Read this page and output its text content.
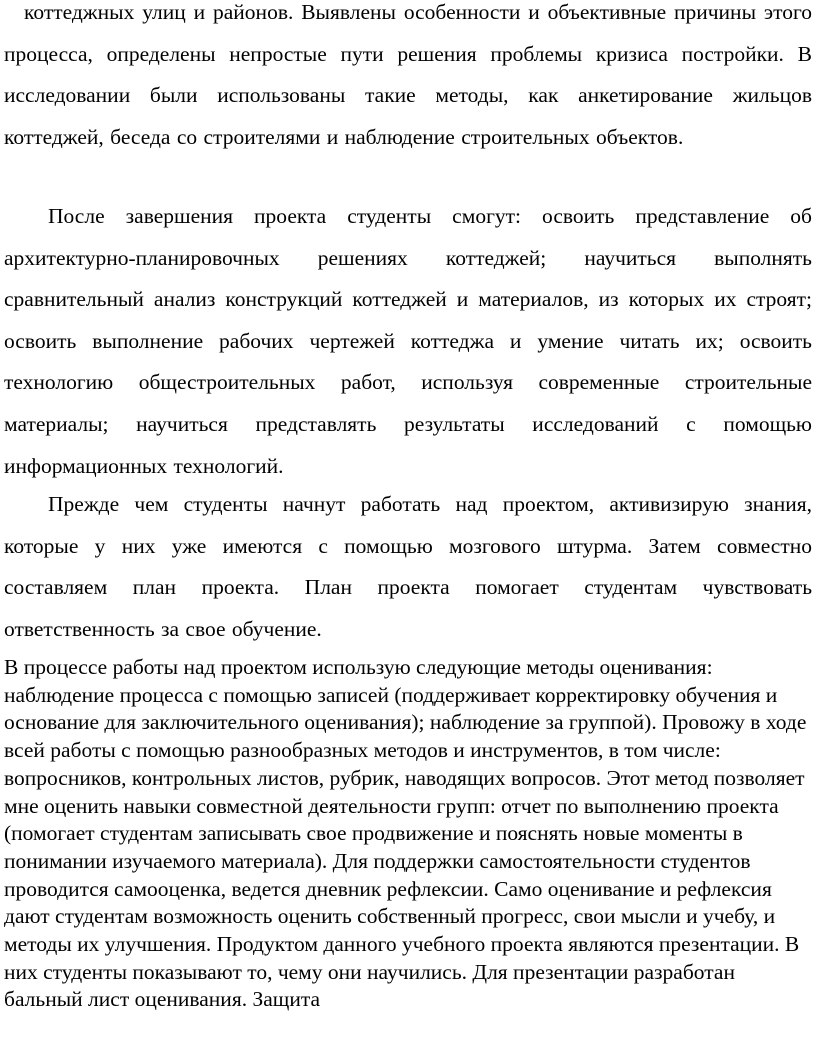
коттеджных улиц и районов. Выявлены особенности и объективные причины этого процесса, определены непростые пути решения проблемы кризиса постройки. В исследовании были использованы такие методы, как анкетирование жильцов коттеджей, беседа со строителями и наблюдение строительных объектов.

После завершения проекта студенты смогут: освоить представление об архитектурно-планировочных решениях коттеджей; научиться выполнять сравнительный анализ конструкций коттеджей и материалов, из которых их строят; освоить выполнение рабочих чертежей коттеджа и умение читать их; освоить технологию общестроительных работ, используя современные строительные материалы; научиться представлять результаты исследований с помощью информационных технологий.

Прежде чем студенты начнут работать над проектом, активизирую знания, которые у них уже имеются с помощью мозгового штурма. Затем совместно составляем план проекта. План проекта помогает студентам чувствовать ответственность за свое обучение.

В процессе работы над проектом использую следующие методы оценивания: наблюдение процесса с помощью записей (поддерживает корректировку обучения и основание для заключительного оценивания); наблюдение за группой). Провожу в ходе всей работы с помощью разнообразных методов и инструментов, в том числе: вопросников, контрольных листов, рубрик, наводящих вопросов. Этот метод позволяет мне оценить навыки совместной деятельности групп: отчет по выполнению проекта (помогает студентам записывать свое продвижение и пояснять новые моменты в понимании изучаемого материала). Для поддержки самостоятельности студентов проводится самооценка, ведется дневник рефлексии. Само оценивание и рефлексия дают студентам возможность оценить собственный прогресс, свои мысли и учебу, и методы их улучшения. Продуктом данного учебного проекта являются презентации. В них студенты показывают то, чему они научились. Для презентации разработан бальный лист оценивания. Защита
